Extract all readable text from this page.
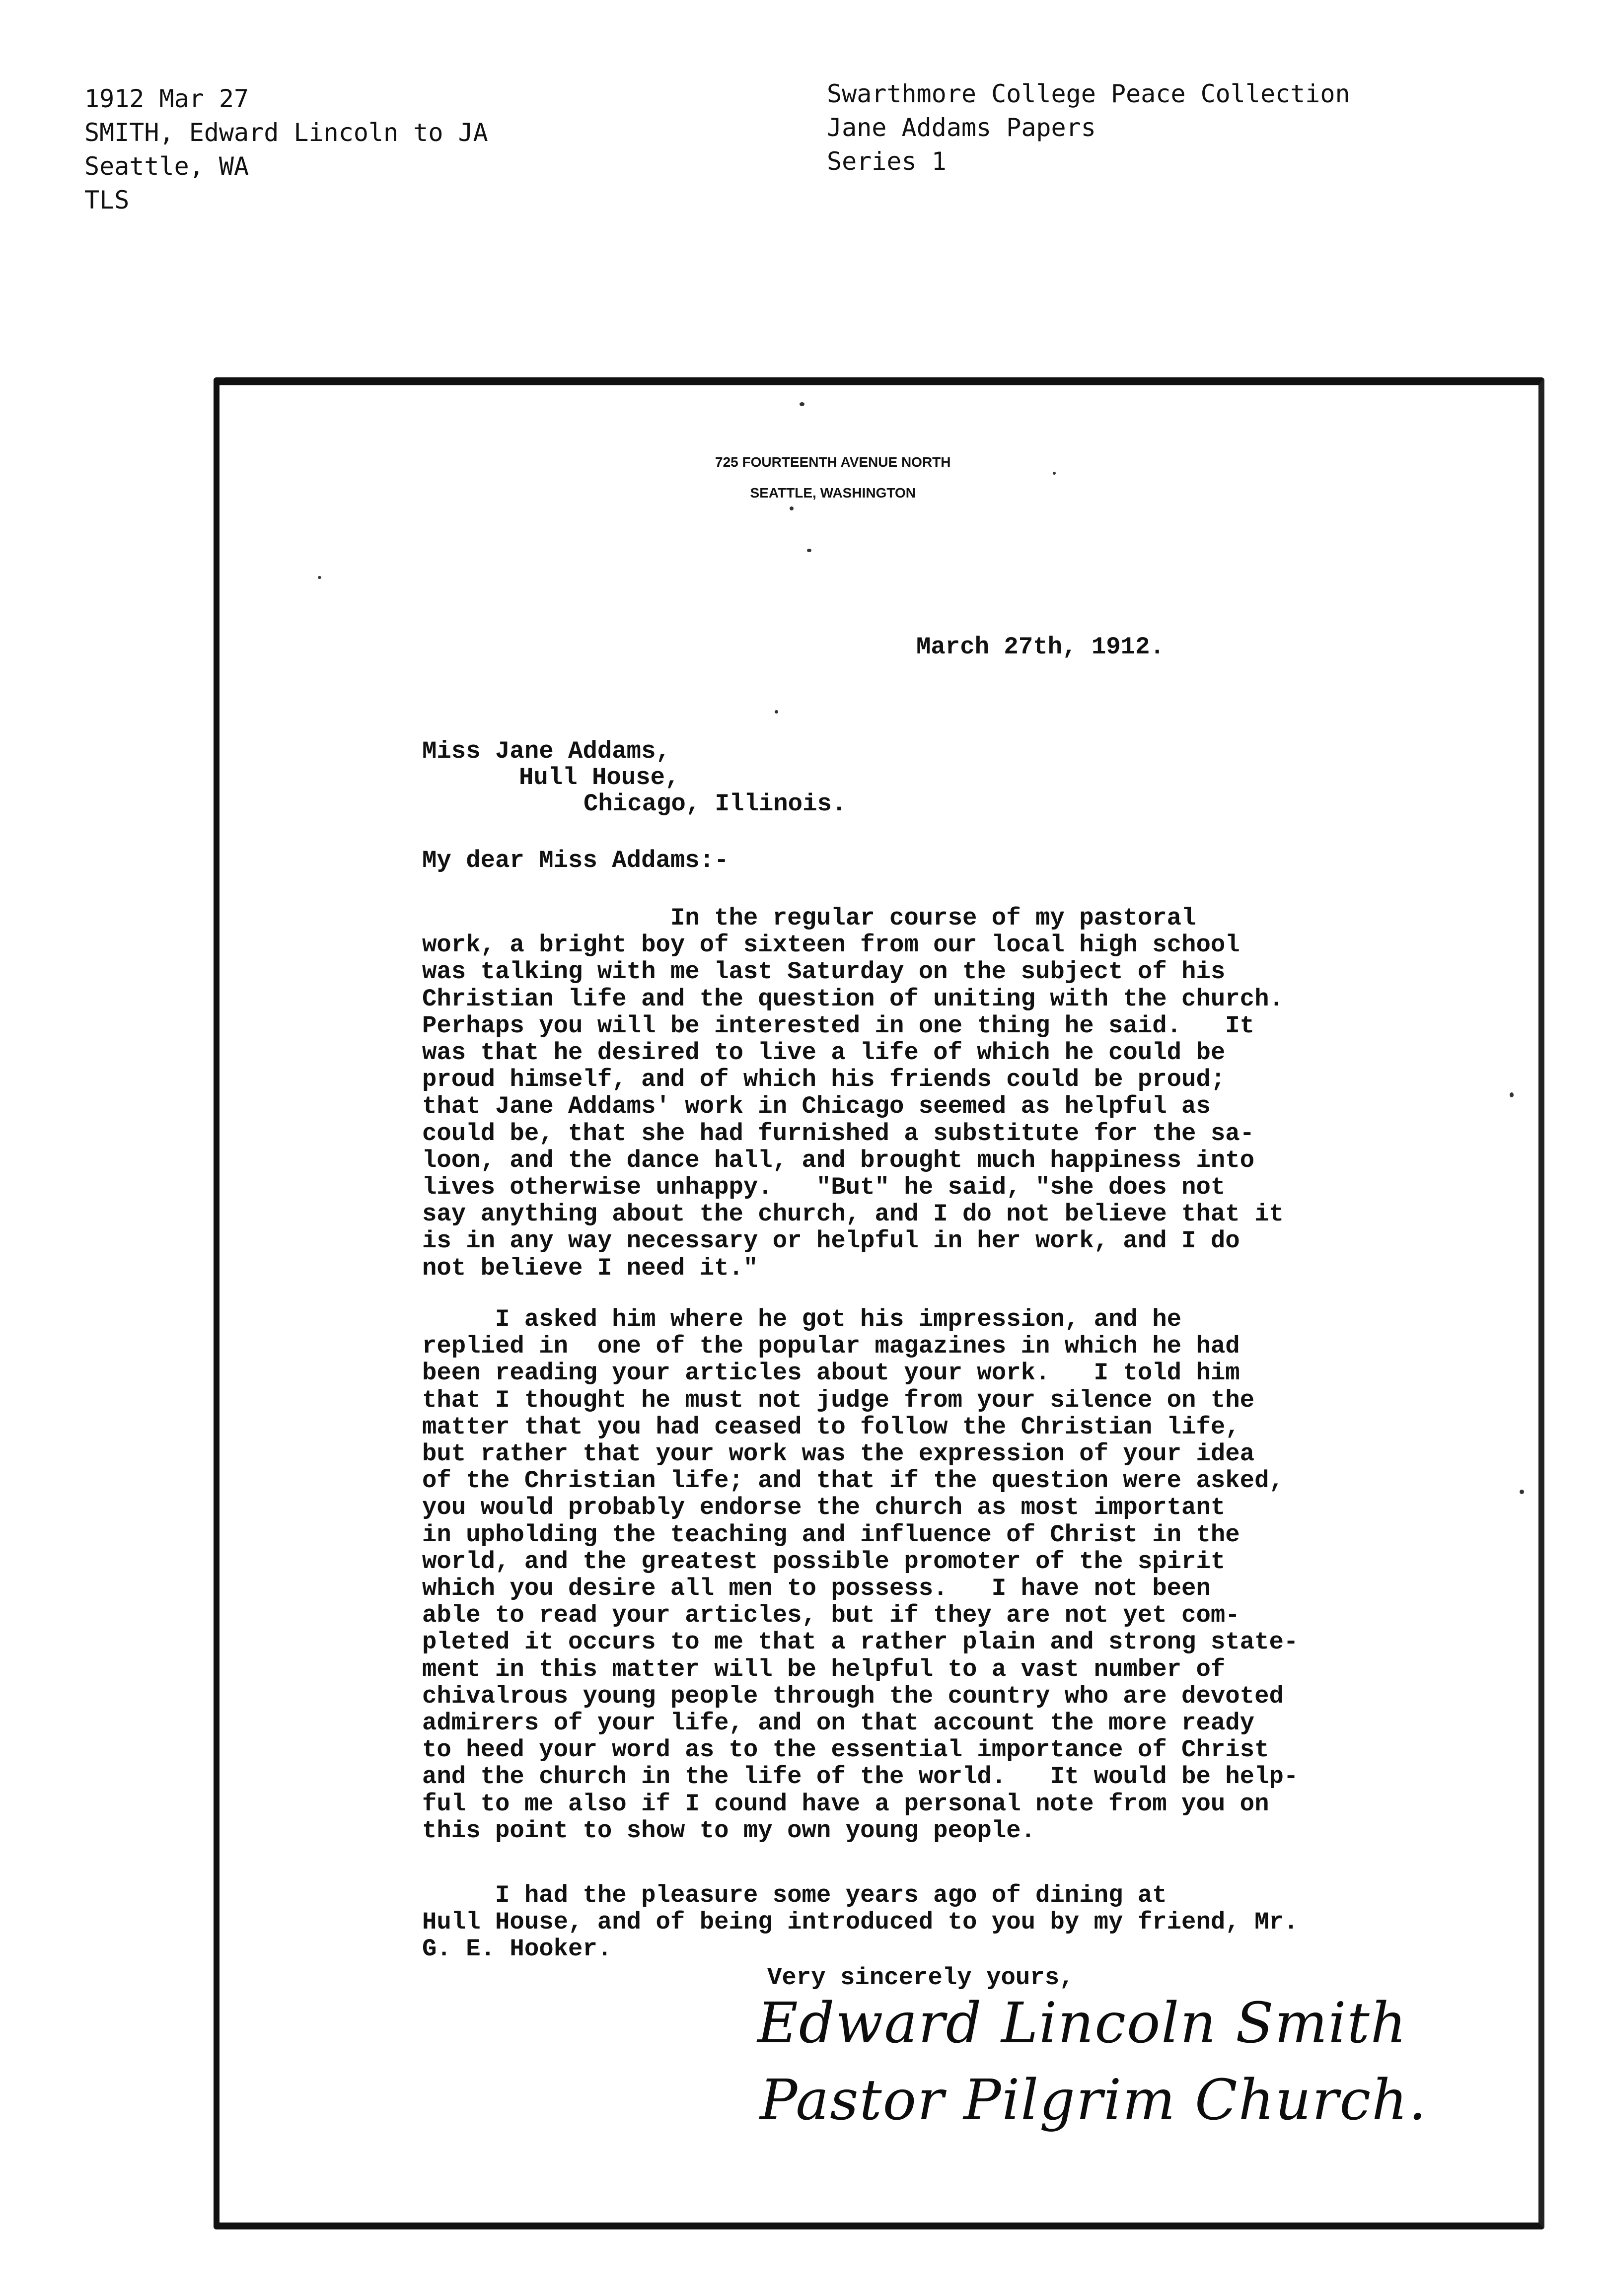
1912 Mar 27
SMITH, Edward Lincoln to JA
Seattle, WA
TLS
Swarthmore College Peace Collection
Jane Addams Papers
Series 1
725 FOURTEENTH AVENUE NORTH
SEATTLE, WASHINGTON
March 27th, 1912.
Miss Jane Addams,
Hull House,
Chicago, Illinois.
My dear Miss Addams:-
In the regular course of my pastoral
work, a bright boy of sixteen from our local high school
was talking with me last Saturday on the subject of his
Christian life and the question of uniting with the church.
Perhaps you will be interested in one thing he said.   It
was that he desired to live a life of which he could be
proud himself, and of which his friends could be proud;
that Jane Addams' work in Chicago seemed as helpful as
could be, that she had furnished a substitute for the sa-
loon, and the dance hall, and brought much happiness into
lives otherwise unhappy.   "But" he said, "she does not
say anything about the church, and I do not believe that it
is in any way necessary or helpful in her work, and I do
not believe I need it."
I asked him where he got his impression, and he
replied in  one of the popular magazines in which he had
been reading your articles about your work.   I told him
that I thought he must not judge from your silence on the
matter that you had ceased to follow the Christian life,
but rather that your work was the expression of your idea
of the Christian life; and that if the question were asked,
you would probably endorse the church as most important
in upholding the teaching and influence of Christ in the
world, and the greatest possible promoter of the spirit
which you desire all men to possess.   I have not been
able to read your articles, but if they are not yet com-
pleted it occurs to me that a rather plain and strong state-
ment in this matter will be helpful to a vast number of
chivalrous young people through the country who are devoted
admirers of your life, and on that account the more ready
to heed your word as to the essential importance of Christ
and the church in the life of the world.   It would be help-
ful to me also if I cound have a personal note from you on
this point to show to my own young people.
I had the pleasure some years ago of dining at
Hull House, and of being introduced to you by my friend, Mr.
G. E. Hooker.
Very sincerely yours,
Edward Lincoln Smith
Pastor Pilgrim Church.
